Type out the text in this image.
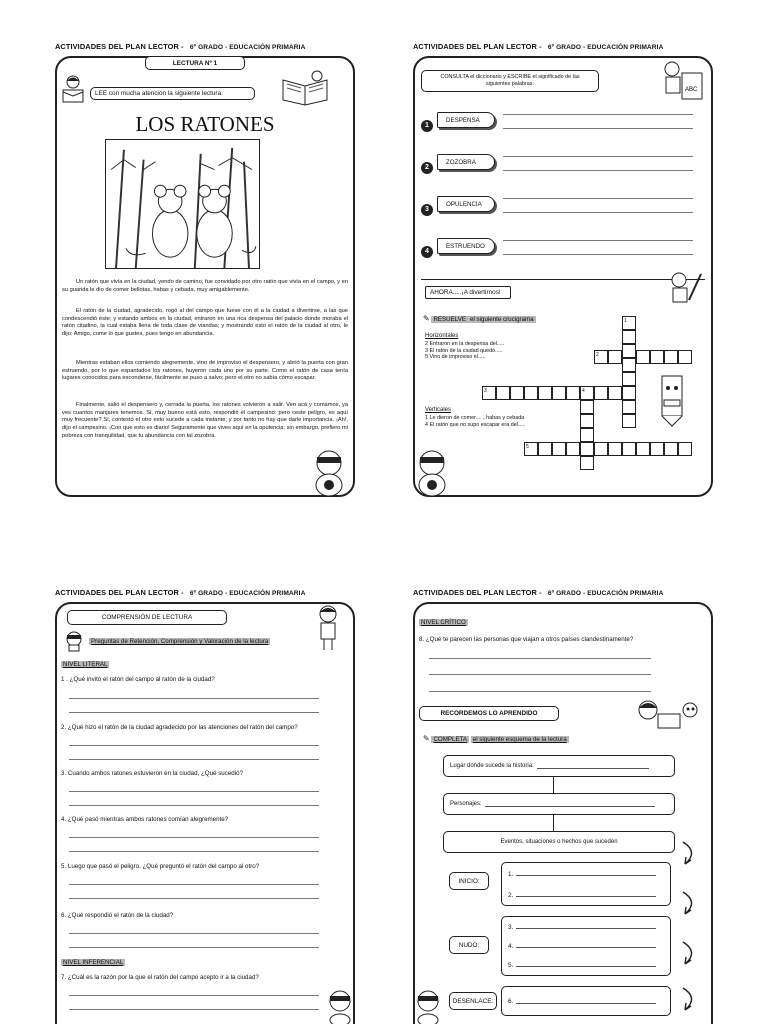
ACTIVIDADES DEL PLAN LECTOR - 6º GRADO - EDUCACIÓN PRIMARIA
LECTURA Nº 1
LEE con mucha atención la siguiente lectura:
LOS RATONES
Un ratón que vivía en la ciudad, yendo de camino, fue convidado por otro ratón que vivía en el campo, y en su guarida le dio de comer bellotas, habas y cebada, muy amigablemente.
El ratón de la ciudad, agradecido, rogó al del campo que fuese con él a la ciudad a divertirse, a las que condescendió éste; y estando ambos en la ciudad, entraron en una rica despensa del palacio donde moraba el ratón citadino, la cual estaba llena de toda clase de viandas; y mostrando esto el ratón de la ciudad al otro, le dijo: Amigo, come lo que gustes, pues tengo en abundancia.
Mientras estaban ellos comiendo alegremente, vino de improviso el despensero, y abrió la puerta con gran estruendo, por lo que espantados los ratones, huyeron cada uno por su parte. Como el ratón de casa tenía lugares conocidos para esconderse, fácilmente se puso a salvo; pero el otro no sabía cómo escapar.
Finalmente, salió el despensero y, cerrada la puerta, los ratones volvieron a salir. Ven acá y comamos, ya ves cuantos manjares tenemos. Si, muy bueno está esto, respondió el campesino: pero ceste peligro, es aquí muy frecuente? Sí, contestó el otro esto sucede a cada instante; y por tanto no hay que darle importancia. ¡Ah!, dijo el campesino. ¡Con que esto es diario! Seguramente que vives aquí en la opulencia; sin embargo, prefiero mi pobreza con tranquilidad, que tu abundancia con tal zozobra.
ACTIVIDADES DEL PLAN LECTOR - 6º GRADO - EDUCACIÓN PRIMARIA
CONSULTA el diccionario y ESCRIBE el significado de las siguientes palabras:
ABC
1
DESPENSA
2
ZOZOBRA
3
OPULENCIA
4
ESTRUENDO
AHORA.....¡A divertirnos!
✎ RESUELVE el siguiente crucigrama
Horizontales
2 Entraron en la despensa del.....
3 El ratón de la ciudad quedó.....
5 Vino de improviso el.....
Verticales
1 Le dieron de comer.... , habas y cebada
4 El ratón que no supo escapar era del.....
1
2
3	4
5
ACTIVIDADES DEL PLAN LECTOR - 6º GRADO - EDUCACIÓN PRIMARIA
COMPRENSIÓN DE LECTURA
Preguntas de Retención, Comprensión y Valoración de la lectura
NIVEL LITERAL
1 . ¿Qué invitó el ratón del campo al ratón de la ciudad?
2. ¿Qué hizo el ratón de la ciudad agradecido por las atenciones del ratón del campo?
3. Cuando ambos ratones estuvieron en la ciudad, ¿Qué sucedió?
4. ¿Qué pasó mientras ambos ratones comían alegremente?
5. Luego que pasó el peligro, ¿Qué preguntó el ratón del campo al otro?
6. ¿Qué respondió el ratón de la ciudad?
NIVEL INFERENCIAL
7. ¿Cuál es la razón por la que el ratón del campo acepto ir a la ciudad?
ACTIVIDADES DEL PLAN LECTOR - 6º GRADO - EDUCACIÓN PRIMARIA
NIVEL CRÍTICO
8. ¿Qué te parecen las personas que viajan a otros países clandestinamente?
RECORDEMOS LO APRENDIDO
✎ COMPLETA el siguiente esquema de la lectura
Lugar donde sucede la historia:
Personajes:
Eventos, situaciones o hechos que suceden
INICIO:
1.
2.
NUDO:
3.
4.
5.
DESENLACE:	6.
